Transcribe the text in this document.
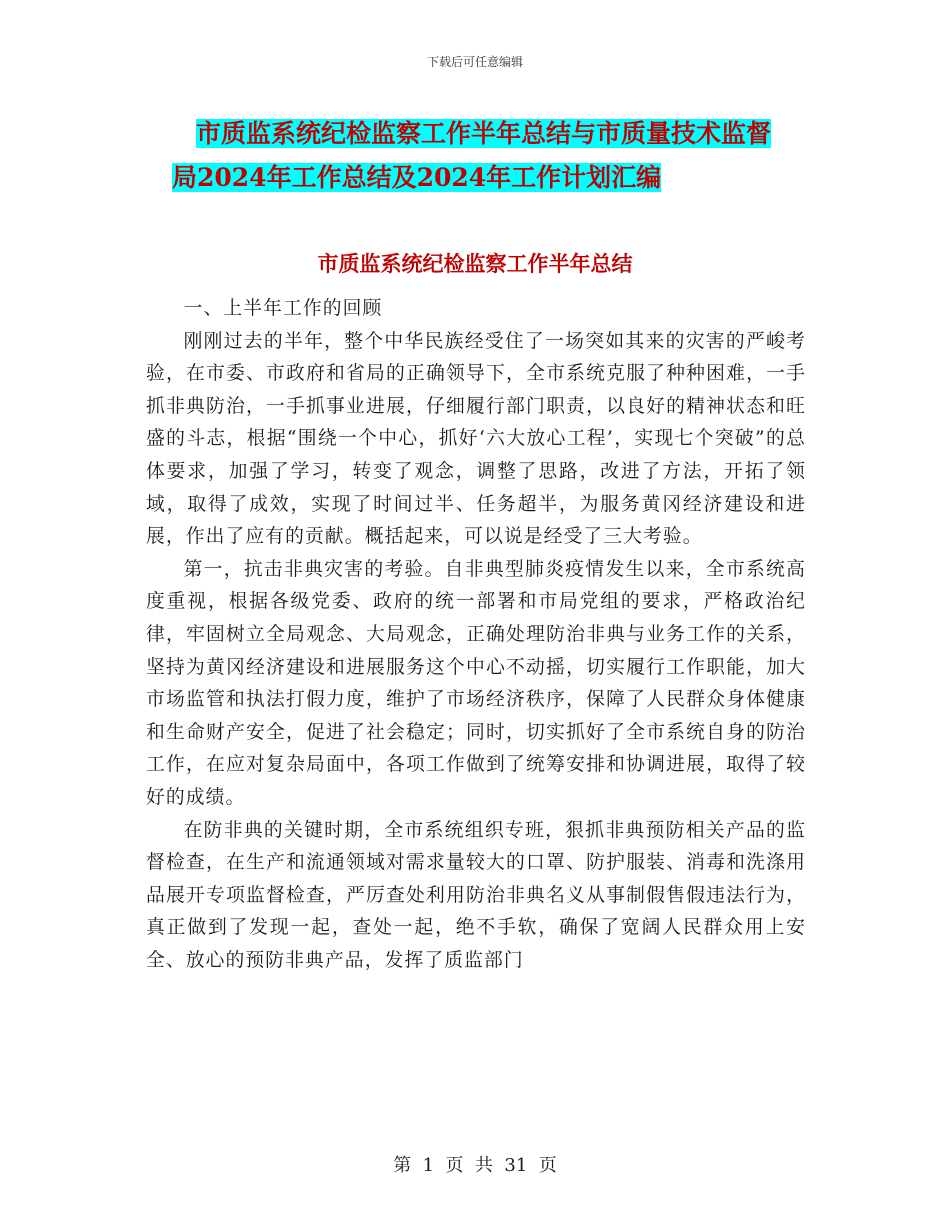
下载后可任意编辑
市质监系统纪检监察工作半年总结与市质量技术监督
局2024年工作总结及2024年工作计划汇编
市质监系统纪检监察工作半年总结

一、上半年工作的回顾

刚刚过去的半年，整个中华民族经受住了一场突如其来的灾害的严峻考验，在市委、市政府和省局的正确领导下，全市系统克服了种种困难，一手抓非典防治，一手抓事业进展，仔细履行部门职责，以良好的精神状态和旺盛的斗志，根据“围绕一个中心，抓好‘六大放心工程’，实现七个突破”的总体要求，加强了学习，转变了观念，调整了思路，改进了方法，开拓了领域，取得了成效，实现了时间过半、任务超半，为服务黄冈经济建设和进展，作出了应有的贡献。概括起来，可以说是经受了三大考验。

第一，抗击非典灾害的考验。自非典型肺炎疫情发生以来，全市系统高度重视，根据各级党委、政府的统一部署和市局党组的要求，严格政治纪律，牢固树立全局观念、大局观念，正确处理防治非典与业务工作的关系，坚持为黄冈经济建设和进展服务这个中心不动摇，切实履行工作职能，加大市场监管和执法打假力度，维护了市场经济秩序，保障了人民群众身体健康和生命财产安全，促进了社会稳定；同时，切实抓好了全市系统自身的防治工作，在应对复杂局面中，各项工作做到了统筹安排和协调进展，取得了较好的成绩。

在防非典的关键时期，全市系统组织专班，狠抓非典预防相关产品的监督检查，在生产和流通领域对需求量较大的口罩、防护服装、消毒和洗涤用品展开专项监督检查，严厉查处利用防治非典名义从事制假售假违法行为，真正做到了发现一起，查处一起，绝不手软，确保了宽阔人民群众用上安全、放心的预防非典产品，发挥了质监部门

第  1  页  共  31  页
